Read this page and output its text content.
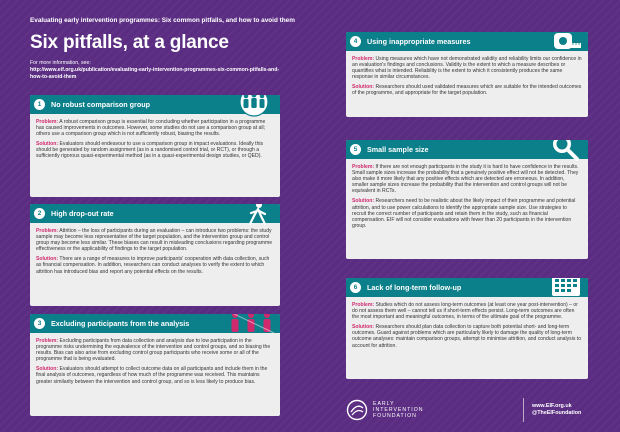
Evaluating early intervention programmes: Six common pitfalls, and how to avoid them
Six pitfalls, at a glance
For more information, see:
http://www.eif.org.uk/publication/evaluating-early-intervention-programmes-six-common-pitfalls-and-how-to-avoid-them
1	No robust comparison group

Problem: A robust comparison group is essential for concluding whether participation in a programme has caused improvements in outcomes. However, some studies do not use a comparison group at all; others use a comparison group which is not sufficiently robust, biasing the results.

Solution: Evaluators should endeavour to use a comparison group in impact evaluations. Ideally this should be generated by random assignment (as in a randomised control trial, or RCT), or through a sufficiently rigorous quasi-experimental method (as in a quasi-experimental design studies, or QED).

2	High drop-out rate

Problem: Attrition – the loss of participants during an evaluation – can introduce two problems: the study sample may become less representative of the target population, and the intervention group and control group may become less similar. These biases can result in misleading conclusions regarding programme effectiveness or the applicability of findings to the target population.

Solution: There are a range of measures to improve participants' cooperation with data collection, such as financial compensation. In addition, researchers can conduct analyses to verify the extent to which attrition has introduced bias and report any potential effects on the results.

3	Excluding participants from the analysis

Problem: Excluding participants from data collection and analysis due to low participation in the programme risks undermining the equivalence of the intervention and control groups, and so biasing the results. Bias can also arise from excluding control group participants who receive some or all of the programme that is being evaluated.

Solution: Evaluators should attempt to collect outcome data on all participants and include them in the final analysis of outcomes, regardless of how much of the programme was received. This maintains greater similarity between the intervention and control group, and so is less likely to produce bias.

4	Using inappropriate measures

Problem: Using measures which have not demonstrated validity and reliability limits our confidence in an evaluation's findings and conclusions. Validity is the extent to which a measure describes or quantifies what is intended. Reliability is the extent to which it consistently produces the same response in similar circumstances.

Solution: Researchers should used validated measures which are suitable for the intended outcomes of the programme, and appropriate for the target population.

5	Small sample size

Problem: If there are not enough participants in the study it is hard to have confidence in the results. Small sample sizes increase the probability that a genuinely positive effect will not be detected. They also make it more likely that any positive effects which are detected are erroneous. In addition, smaller sample sizes increase the probability that the intervention and control groups will not be equivalent in RCTs.

Solution: Researchers need to be realistic about the likely impact of their programme and potential attrition, and to use power calculations to identify the appropriate sample size. Use strategies to recruit the correct number of participants and retain them in the study, such as financial compensation. EIF will not consider evaluations with fewer than 20 participants in the intervention group.

6	Lack of long-term follow-up

Problem: Studies which do not assess long-term outcomes (at least one year post-intervention) – or do not assess them well – cannot tell us if short-term effects persist. Long-term outcomes are often the most important and meaningful outcomes, in terms of the ultimate goal of the programme.

Solution: Researchers should plan data collection to capture both potential short- and long-term outcomes. Guard against problems which are particularly likely to damage the quality of long-term outcome analyses: maintain comparison groups, attempt to minimise attrition, and conduct analysis to account for attrition.

EARLY
INTERVENTION
FOUNDATION
www.EIF.org.uk
@TheEIFoundation
